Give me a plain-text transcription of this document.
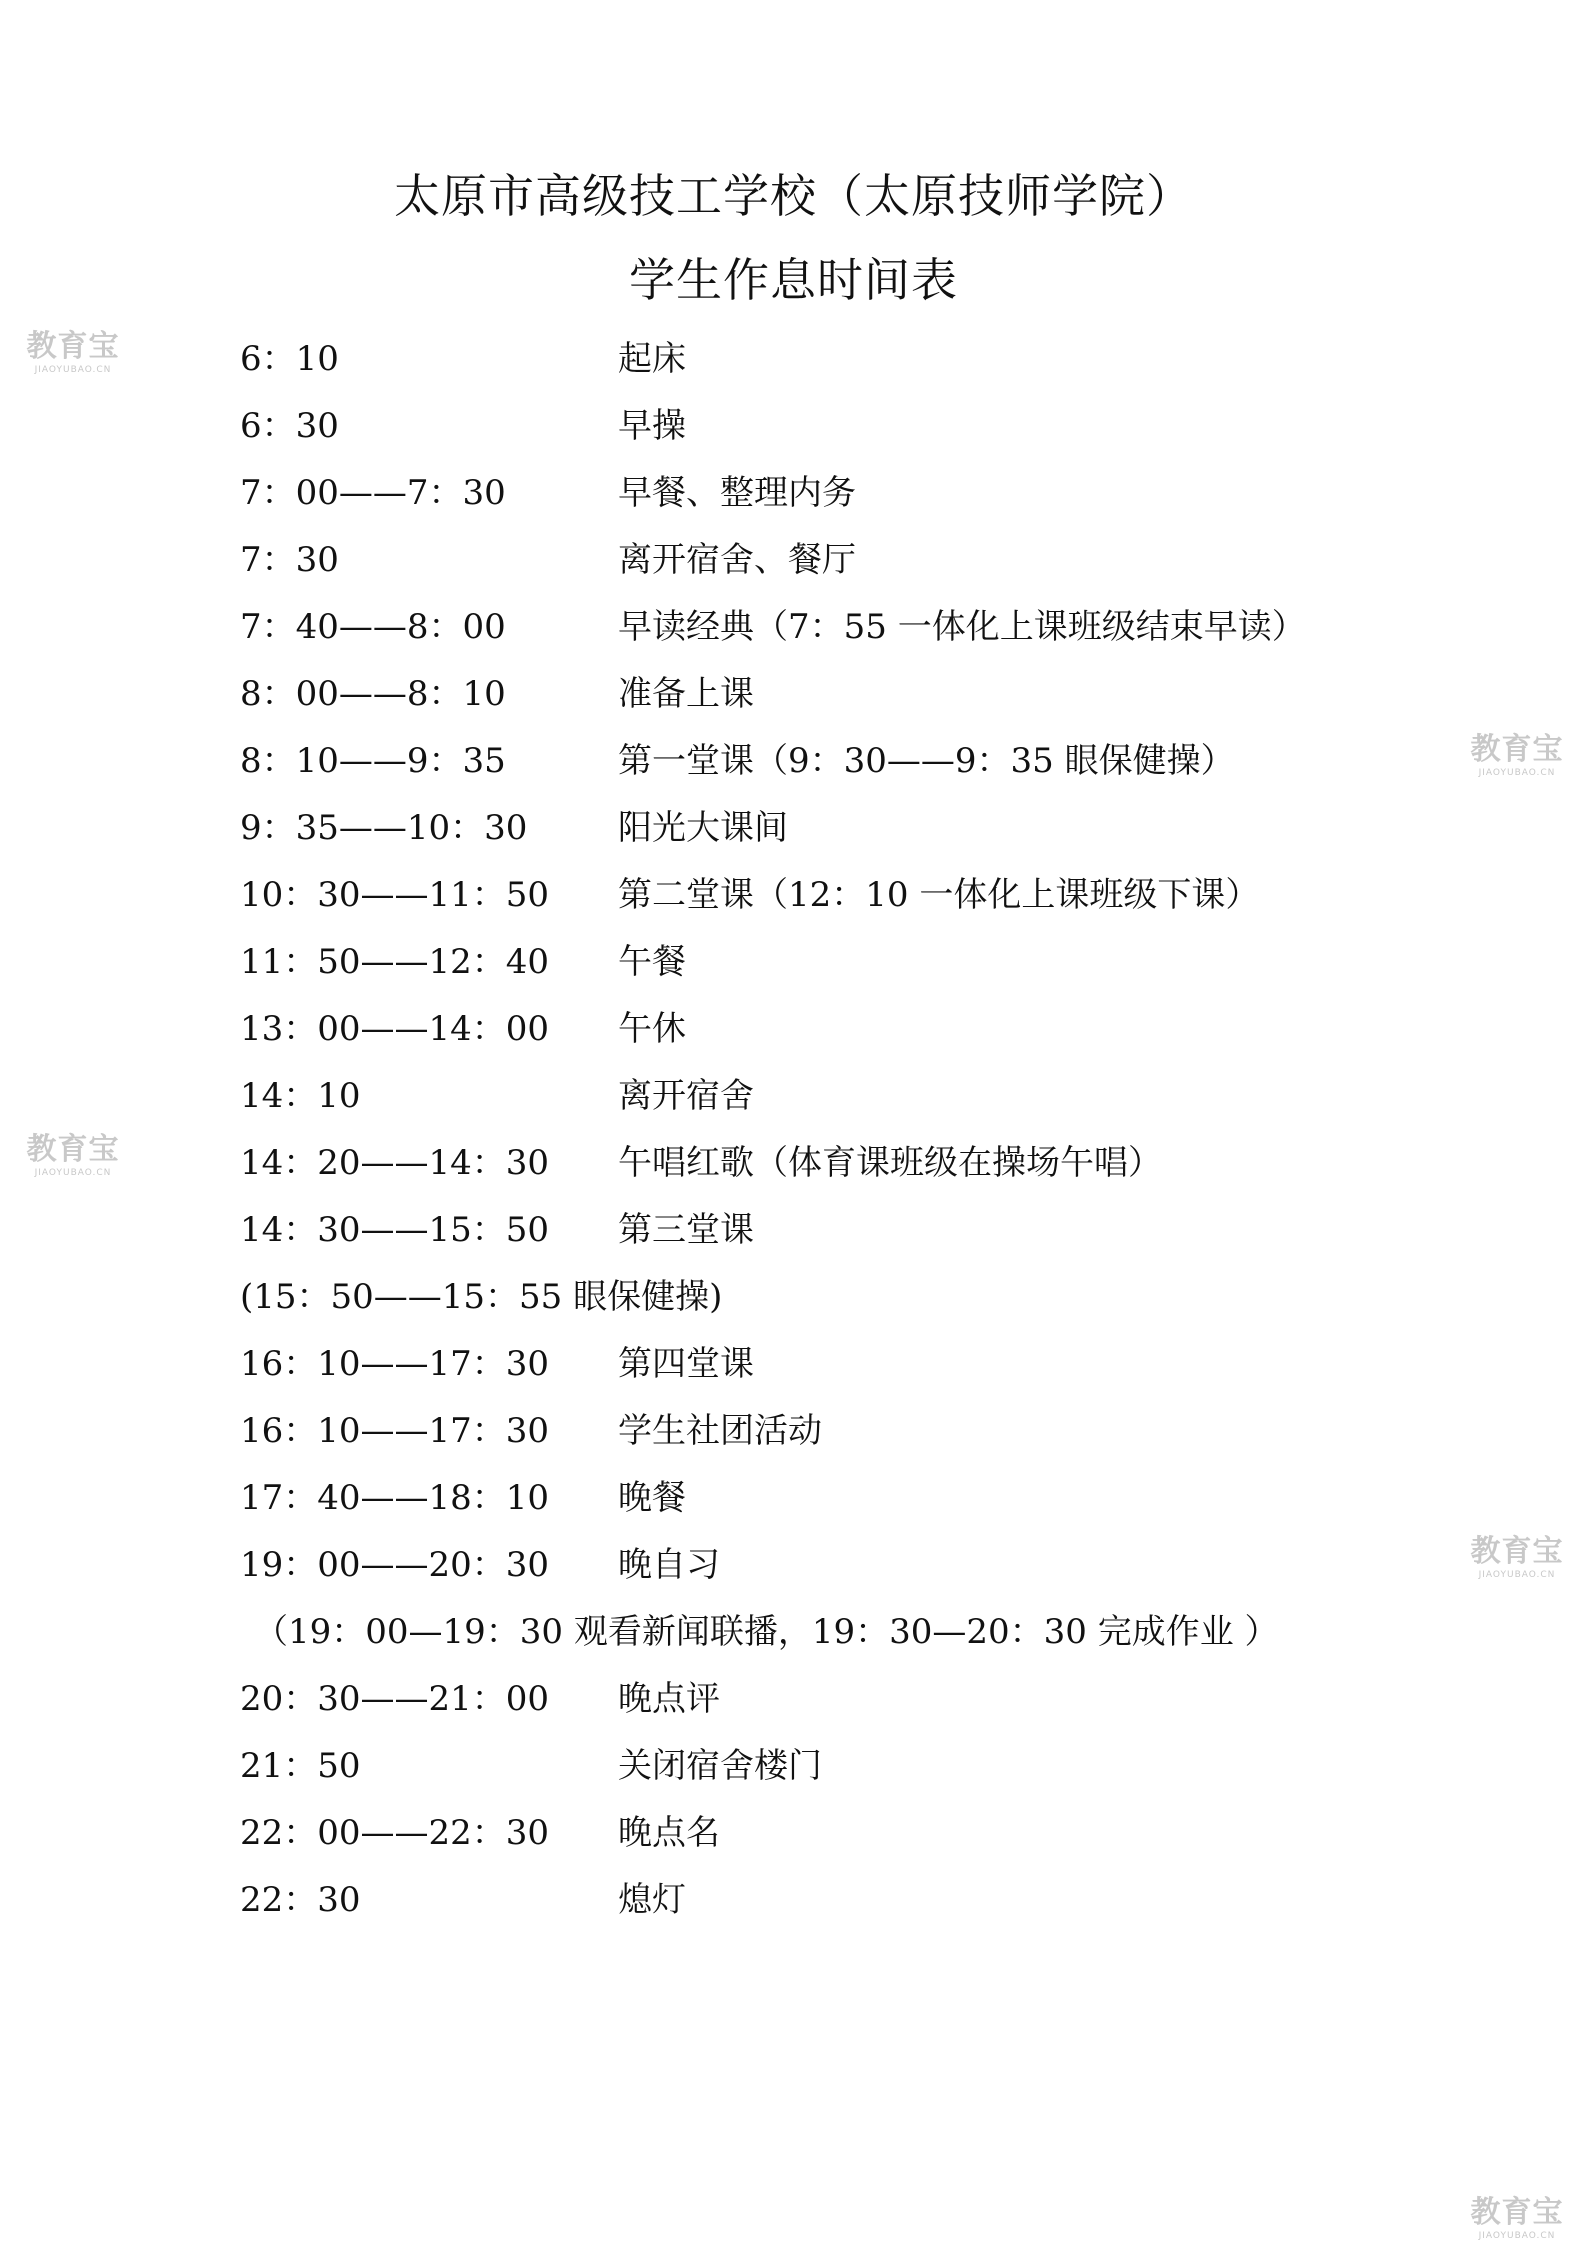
太原市高级技工学校（太原技师学院）
学生作息时间表
6：10	起床
6：30	早操
7：00——7：30	早餐、整理内务
7：30	离开宿舍、餐厅
7：40——8：00	早读经典（7：55 一体化上课班级结束早读）
8：00——8：10	准备上课
8：10——9：35	第一堂课（9：30——9：35 眼保健操）
9：35——10：30	阳光大课间
10：30——11：50 第二堂课（12：10 一体化上课班级下课）
11：50——12：40 午餐
13：00——14：00 午休
14：10	离开宿舍
14：20——14：30 午唱红歌（体育课班级在操场午唱）
14：30——15：50 第三堂课
(15：50——15：55 眼保健操)
16：10——17：30 第四堂课
16：10——17：30 学生社团活动
17：40——18：10 晚餐
19：00——20：30 晚自习
（19：00—19：30 观看新闻联播，19：30—20：30 完成作业 ）
20：30——21：00 晚点评
21：50	关闭宿舍楼门
22：00——22：30 晚点名
22：30	熄灯
教育宝
JIAOYUBAO.CN
教育宝
JIAOYUBAO.CN
教育宝
JIAOYUBAO.CN
教育宝
JIAOYUBAO.CN
教育宝
JIAOYUBAO.CN
